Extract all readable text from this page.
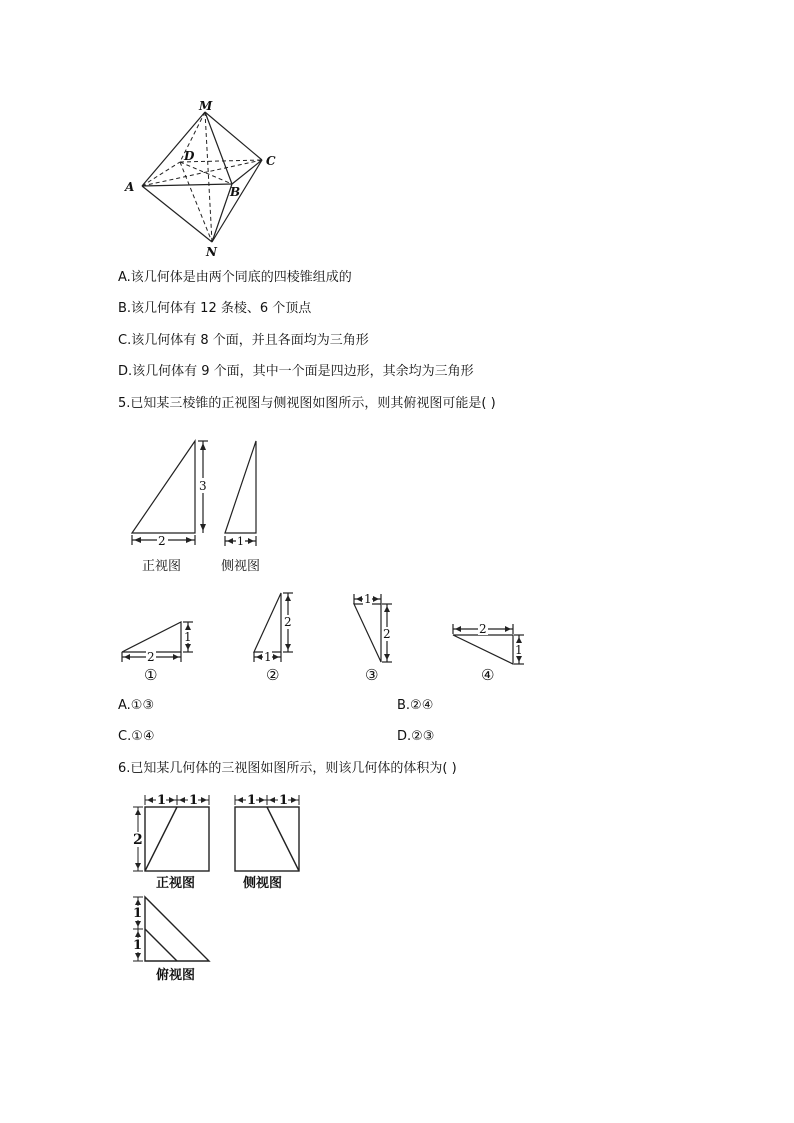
M
N
A	B
C
D
A.该几何体是由两个同底的四棱锥组成的
B.该几何体有 12 条棱、6 个顶点
C.该几何体有 8 个面，并且各面均为三角形
D.该几何体有 9 个面，其中一个面是四边形，其余均为三角形
5.已知某三棱锥的正视图与侧视图如图所示，则其俯视图可能是( )
3
2	1
正视图	侧视图
2
1
2
1
1
2	2
1
①	②	③	④
A.①③	B.②④
C.①④	D.②③
6.已知某几何体的三视图如图所示，则该几何体的体积为( )
1 1	1 1
2
1
1
正视图	侧视图
俯视图
